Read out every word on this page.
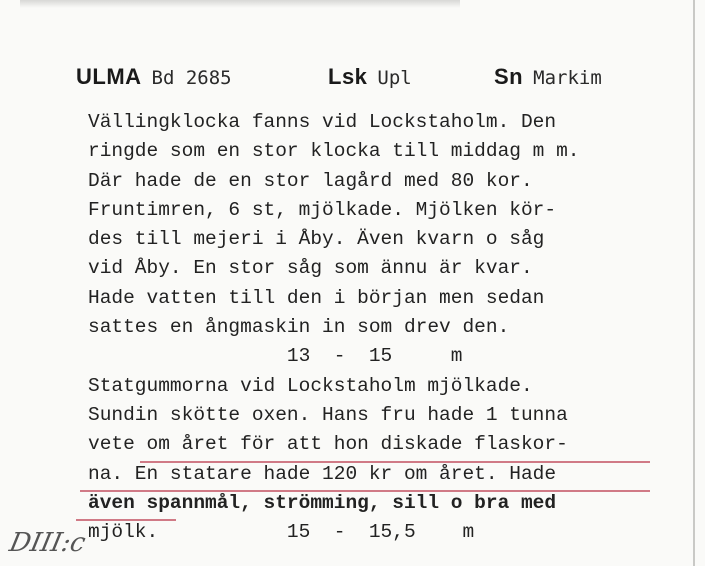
ULMA Bd 2685	Lsk Upl	Sn Markim
Vällingklocka fanns vid Lockstaholm. Den
ringde som en stor klocka till middag m m.
Där hade de en stor lagård med 80 kor.
Fruntimren, 6 st, mjölkade. Mjölken kör-
des till mejeri i Åby. Även kvarn o såg
vid Åby. En stor såg som ännu är kvar.
Hade vatten till den i början men sedan
sattes en ångmaskin in som drev den.
13  -  15     m
Statgummorna vid Lockstaholm mjölkade.
Sundin skötte oxen. Hans fru hade 1 tunna
vete om året för att hon diskade flaskor-
na. En statare hade 120 kr om året. Hade
även spannmål, strömming, sill o bra med
mjölk.           15  -  15,5    m
DIII:c
